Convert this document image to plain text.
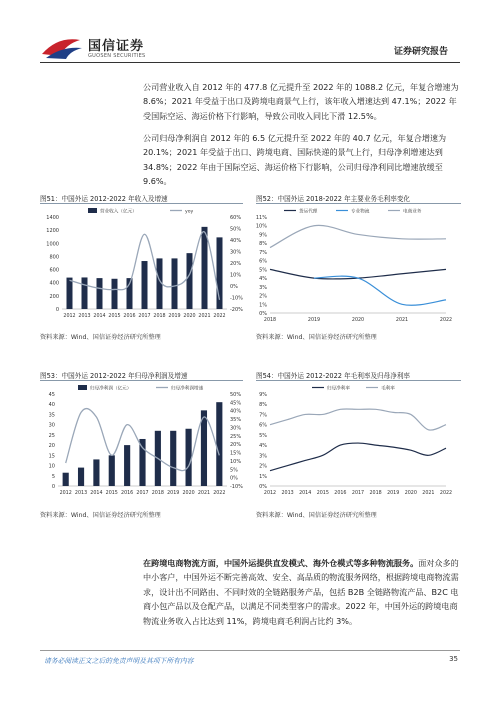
国信证券
GUOSEN SECURITIES	证券研究报告
公司营业收入自 2012 年的 477.8 亿元提升至 2022 年的 1088.2 亿元，年复合增速为 8.6%；2021 年受益于出口及跨境电商景气上行，该年收入增速达到 47.1%；2022 年受国际空运、海运价格下行影响，导致公司收入同比下滑 12.5%。
公司归母净利润自 2012 年的 6.5 亿元提升至 2022 年的 40.7 亿元，年复合增速为 20.1%；2021 年受益于出口、跨境电商、国际快递的景气上行，归母净利增速达到 34.8%；2022 年由于国际空运、海运价格下行影响，公司归母净利同比增速放缓至 9.6%。
图51：中国外运 2012-2022 年收入及增速	图52：中国外运 2018-2022 年主要业务毛利率变化
0
200
400
600
800
1000
1200
1400
-20%
-10%
0%
10%
20%
30%
40%
50%
60%
2012 2013 2014 2015 2016 2017 2018 2019 2020 2021 2022
营业收入（亿元）	yoy
0%
1%
2%
3%
4%
5%
6%
7%
8%
9%
10%
11%
2018	2019	2020	2021	2022
货运代理	专业物流	电商业务
资料来源：Wind、国信证券经济研究所整理	资料来源：Wind、国信证券经济研究所整理
图53：中国外运 2012-2022 年归母净利润及增速	图54：中国外运 2012-2022 年毛利率及归母净利率
0
5
10
15
20
25
30
35
40
45
-10%
0%
5%
10%
15%
20%
25%
30%
35%
40%
45%
50%
2012 2013 2014 2015 2016 2017 2018 2019 2020 2021 2022
归母净利润（亿元）	归母净利润增速
0%
1%
2%
3%
4%
5%
6%
7%
8%
9%
2012 2013 2014 2015 2016 2017 2018 2019 2020 2021 2022
归母净利率	毛利率
资料来源：Wind、国信证券经济研究所整理	资料来源：Wind、国信证券经济研究所整理
在跨境电商物流方面，中国外运提供直发模式、海外仓模式等多种物流服务。面对众多的中小客户，中国外运不断完善高效、安全、高品质的物流服务网络，根据跨境电商物流需求，设计出不同路由、不同时效的全链路服务产品，包括 B2B 全链路物流产品、B2C 电商小包产品以及仓配产品，以满足不同类型客户的需求。2022 年，中国外运的跨境电商物流业务收入占比达到 11%，跨境电商毛利润占比约 3%。
请务必阅读正文之后的免责声明及其项下所有内容	35
